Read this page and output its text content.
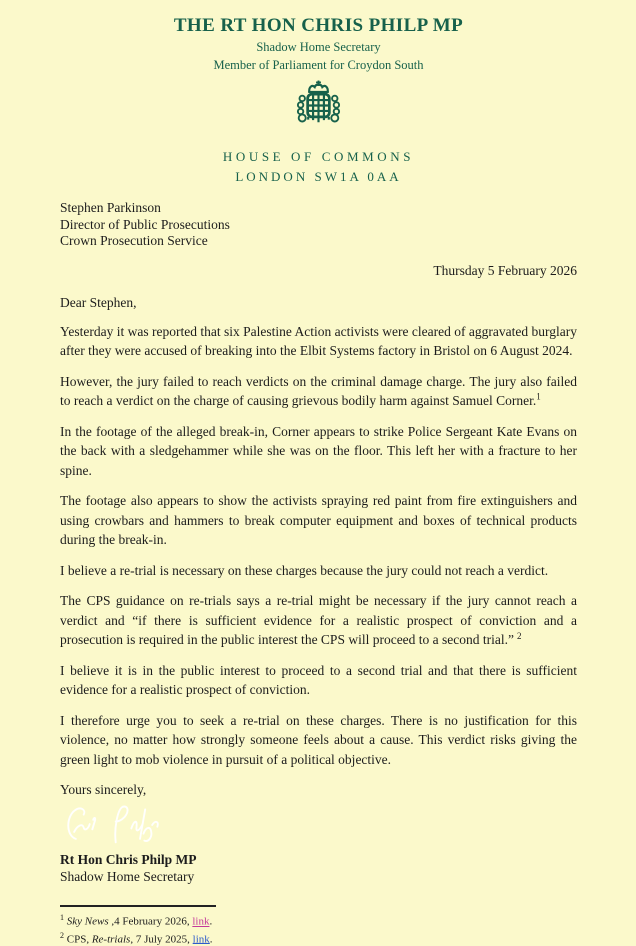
THE RT HON CHRIS PHILP MP
Shadow Home Secretary
Member of Parliament for Croydon South
HOUSE OF COMMONS
LONDON SW1A 0AA
Stephen Parkinson
Director of Public Prosecutions
Crown Prosecution Service
Thursday 5 February 2026
Dear Stephen,

Yesterday it was reported that six Palestine Action activists were cleared of aggravated burglary after they were accused of breaking into the Elbit Systems factory in Bristol on 6 August 2024.

However, the jury failed to reach verdicts on the criminal damage charge. The jury also failed to reach a verdict on the charge of causing grievous bodily harm against Samuel Corner.$^1$

In the footage of the alleged break-in, Corner appears to strike Police Sergeant Kate Evans on the back with a sledgehammer while she was on the floor. This left her with a fracture to her spine.

The footage also appears to show the activists spraying red paint from fire extinguishers and using crowbars and hammers to break computer equipment and boxes of technical products during the break-in.

I believe a re-trial is necessary on these charges because the jury could not reach a verdict.

The CPS guidance on re-trials says a re-trial might be necessary if the jury cannot reach a verdict and “if there is sufficient evidence for a realistic prospect of conviction and a prosecution is required in the public interest the CPS will proceed to a second trial.” $^2$

I believe it is in the public interest to proceed to a second trial and that there is sufficient evidence for a realistic prospect of conviction.

I therefore urge you to seek a re-trial on these charges. There is no justification for this violence, no matter how strongly someone feels about a cause. This verdict risks giving the green light to mob violence in pursuit of a political objective.

Yours sincerely,
Rt Hon Chris Philp MP
Shadow Home Secretary
$^1$ Sky News ,4 February 2026, link.
$^2$ CPS, Re-trials, 7 July 2025, link.
